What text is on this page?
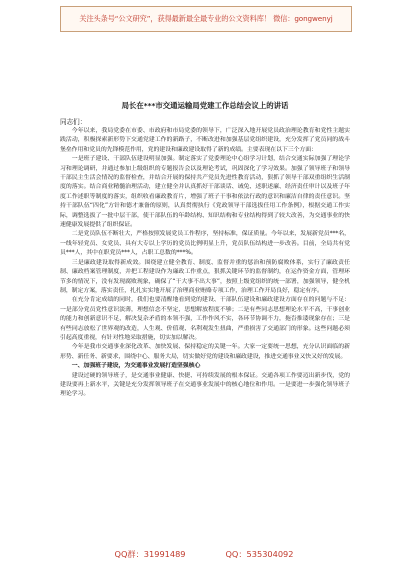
关注头条号“公文研究”，获得最新最全最专业的公文资料库！ 微信：gongwenyj
局长在***市交通运输局党建工作总结会议上的讲话
同志们：

今年以来，我局党委在市委、市政府和市局党委的领导下，广泛深入地开展党员政治理论教育和党性主题实践活动，积极探索新形势下交通党建工作的新路子，不断改进和加强基层党组织建设，充分发挥了党员同的战斗堡垒作用和党员的先锋模范作用，党的建设和廉政建设取得了新的成绩。主要表现在以下三个方面：

一是班子建设、干部队伍建设明显加强。制定落实了党委理论中心组学习计划，结合交通实际加强了理论学习和理论调研，并通过参加上级组织的专题报告会以及理论考试，巩固深化了学习效果。加强了领导班子和领导干部民主生活会情况的监督检查，并结合开展的保持共产党员先进性教育活动，狠抓了领导干部双重组织生活制度的落实。结合商业精髓治理活动，建立健全并认真抓好干部谈话、诫免、述职述廉、经济责任审计以及班子年度工作述职等制度的落实，组织收看廉政教育片，增强了班子干事和依法行政的意识和廉洁自律的责任意识。坚持干部队伍“四化”方针和德才兼备的原则，认真贯彻执行《党政领导干部选拔任用工作条例》，根据交通工作实际，调整选拔了一批中层干部，使干部队伍的年龄结构、知识结构和专业结构得到了较大改善，为交通事业的快速健康发展提供了组织保证。

二是党员队伍不断壮大，严格按照发展党员工作程序，坚持标准，保证质量。今年以来，发展新党员***名，一线年轻党员、女党员、具有大专以上学历的党员比例明显上升，党员队伍结构进一步改善。目前，全局共有党员***人，其中在职党员***人，占职工总数的***%。

三是廉政建设取得新成效。围绕建立健全教育、制度、监督并重的惩治和预防腐败体系，实行了廉政责任制、廉政档案管理制度，并把工程建设作为廉政工作重点，狠抓关键环节的监督制约，在运作资金方面，管理环节多的情况下，没有发现腐败现象，确保了“干大事不出大事”，按照上级党组织的统一部署，加强领导，健全机制，制定方案，落实责任，扎扎实实地开展了治理商业贿赂专项工作，治理工作开局良好，稳定有序。

在充分肯定成绩的同时，我们也要清醒地看到党的建设、干部队伍建设和廉政建设方面存在的问题与不足：一是部分党员党性意识淡薄，理想信念不坚定，思想解放程度不够；二是有些同志思想理论水平不高，干事创业的能力和创新意识不足，解决复杂矛盾的本领不强，工作作风不实，各环节协调不力，拖沓推诿现象存在；三是有些同志放松了世界观的改造，人生观、价值观、名利观发生扭曲，严重损害了交通部门的形象。这些问题必须引起高度重视，有针对性地采取措施，切实加以解决。

今年是我市交通事业深化改革、加快发展、保持稳定的关键一年。大家一定要统一思想，充分认识面临的新形势、新任务、新要求，围绕中心、服务大局，切实做好党的建设和廉政建设，推进交通事业又快又好的发展。

一、加强班子建设，为交通事业发展打造坚强核心

建设过硬的领导班子，是交通事业健康、快捷、可持续发展的根本保证。交通各项工作要迈出新步伐，党的建设要再上新水平，关键是充分发挥领导班子在交通事业发展中的核心地位和作用。一是要进一步强化领导班子理论学习。

QQ群：31991489	QQ：535304092
